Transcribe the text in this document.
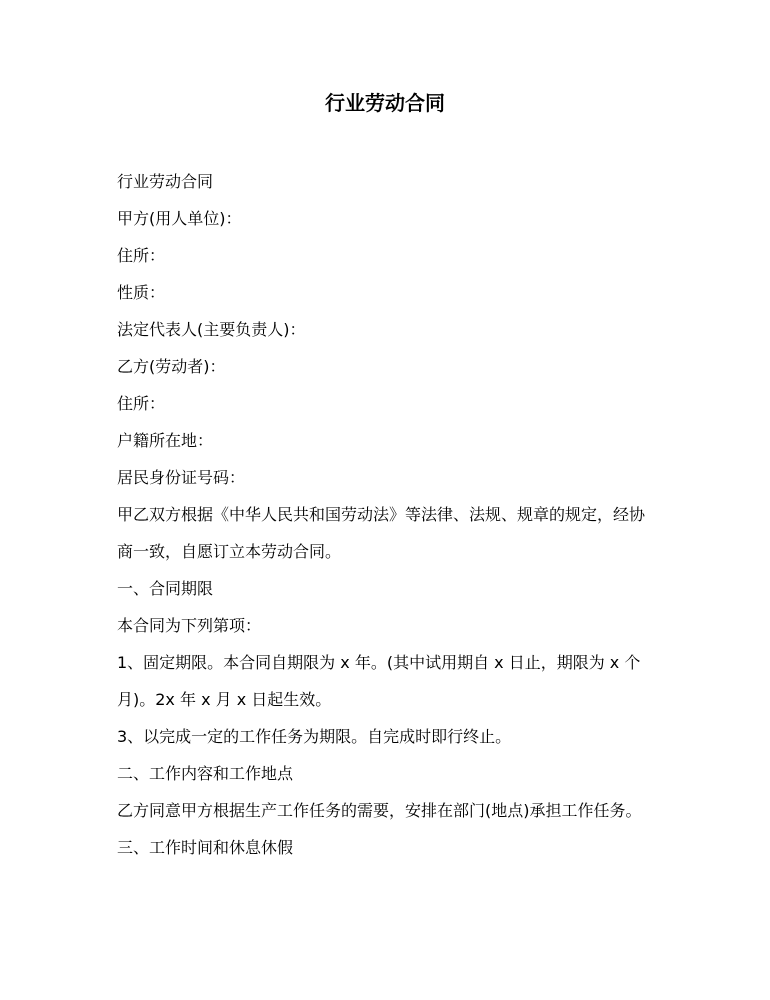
行业劳动合同

行业劳动合同

甲方(用人单位)：

住所：

性质：

法定代表人(主要负责人)：

乙方(劳动者)：

住所：

户籍所在地：

居民身份证号码：

甲乙双方根据《中华人民共和国劳动法》等法律、法规、规章的规定，经协商一致，自愿订立本劳动合同。

一、合同期限

本合同为下列第项：

1、固定期限。本合同自期限为 x 年。(其中试用期自 x 日止，期限为 x 个月)。2x 年 x 月 x 日起生效。

3、以完成一定的工作任务为期限。自完成时即行终止。

二、工作内容和工作地点

乙方同意甲方根据生产工作任务的需要，安排在部门(地点)承担工作任务。

三、工作时间和休息休假
